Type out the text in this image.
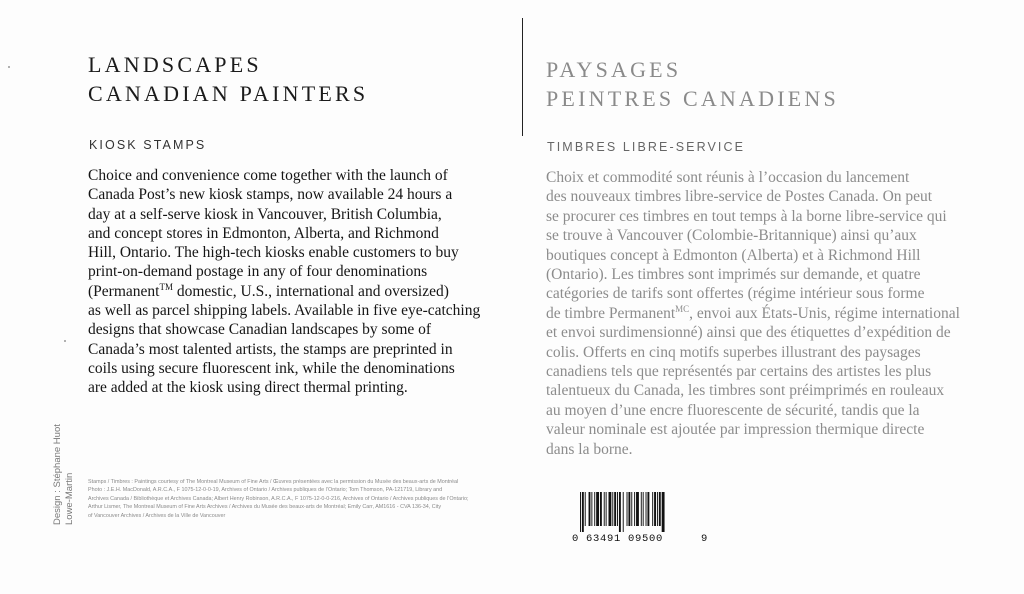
LANDSCAPES
CANADIAN PAINTERS
PAYSAGES
PEINTRES CANADIENS
KIOSK STAMPS	TIMBRES LIBRE-SERVICE
Choice and convenience come together with the launch of
Canada Post’s new kiosk stamps, now available 24 hours a
day at a self-serve kiosk in Vancouver, British Columbia,
and concept stores in Edmonton, Alberta, and Richmond
Hill, Ontario. The high-tech kiosks enable customers to buy
print-on-demand postage in any of four denominations
(Permanent™ domestic, U.S., international and oversized)
as well as parcel shipping labels. Available in five eye-catching
designs that showcase Canadian landscapes by some of
Canada’s most talented artists, the stamps are preprinted in
coils using secure fluorescent ink, while the denominations
are added at the kiosk using direct thermal printing.
Choix et commodité sont réunis à l’occasion du lancement
des nouveaux timbres libre-service de Postes Canada. On peut
se procurer ces timbres en tout temps à la borne libre-service qui
se trouve à Vancouver (Colombie-Britannique) ainsi qu’aux
boutiques concept à Edmonton (Alberta) et à Richmond Hill
(Ontario). Les timbres sont imprimés sur demande, et quatre
catégories de tarifs sont offertes (régime intérieur sous forme
de timbre Permanent$^{MC}$, envoi aux États-Unis, régime international
et envoi surdimensionné) ainsi que des étiquettes d’expédition de
colis. Offerts en cinq motifs superbes illustrant des paysages
canadiens tels que représentés par certains des artistes les plus
talentueux du Canada, les timbres sont préimprimés en rouleaux
au moyen d’une encre fluorescente de sécurité, tandis que la
valeur nominale est ajoutée par impression thermique directe
dans la borne.
Design : Stéphane Huot Lowe-Martin Stamps / Timbres : Paintings courtesy of The Montreal Museum of Fine Arts / Œuvres présentées avec la permission du Musée des beaux-arts de Montréal
Photo : J.E.H. MacDonald, A.R.C.A., F 1075-12-0-0-19, Archives of Ontario / Archives publiques de l’Ontario; Tom Thomson, PA-121719, Library and
Archives Canada / Bibliothèque et Archives Canada; Albert Henry Robinson, A.R.C.A., F 1075-12-0-0-216, Archives of Ontario / Archives publiques de l’Ontario;
Arthur Lismer, The Montreal Museum of Fine Arts Archives / Archives du Musée des beaux-arts de Montréal; Emily Carr, AM1616 - CVA 136-34, City
of Vancouver Archives / Archives de la Ville de Vancouver
0 63491 09500	9
